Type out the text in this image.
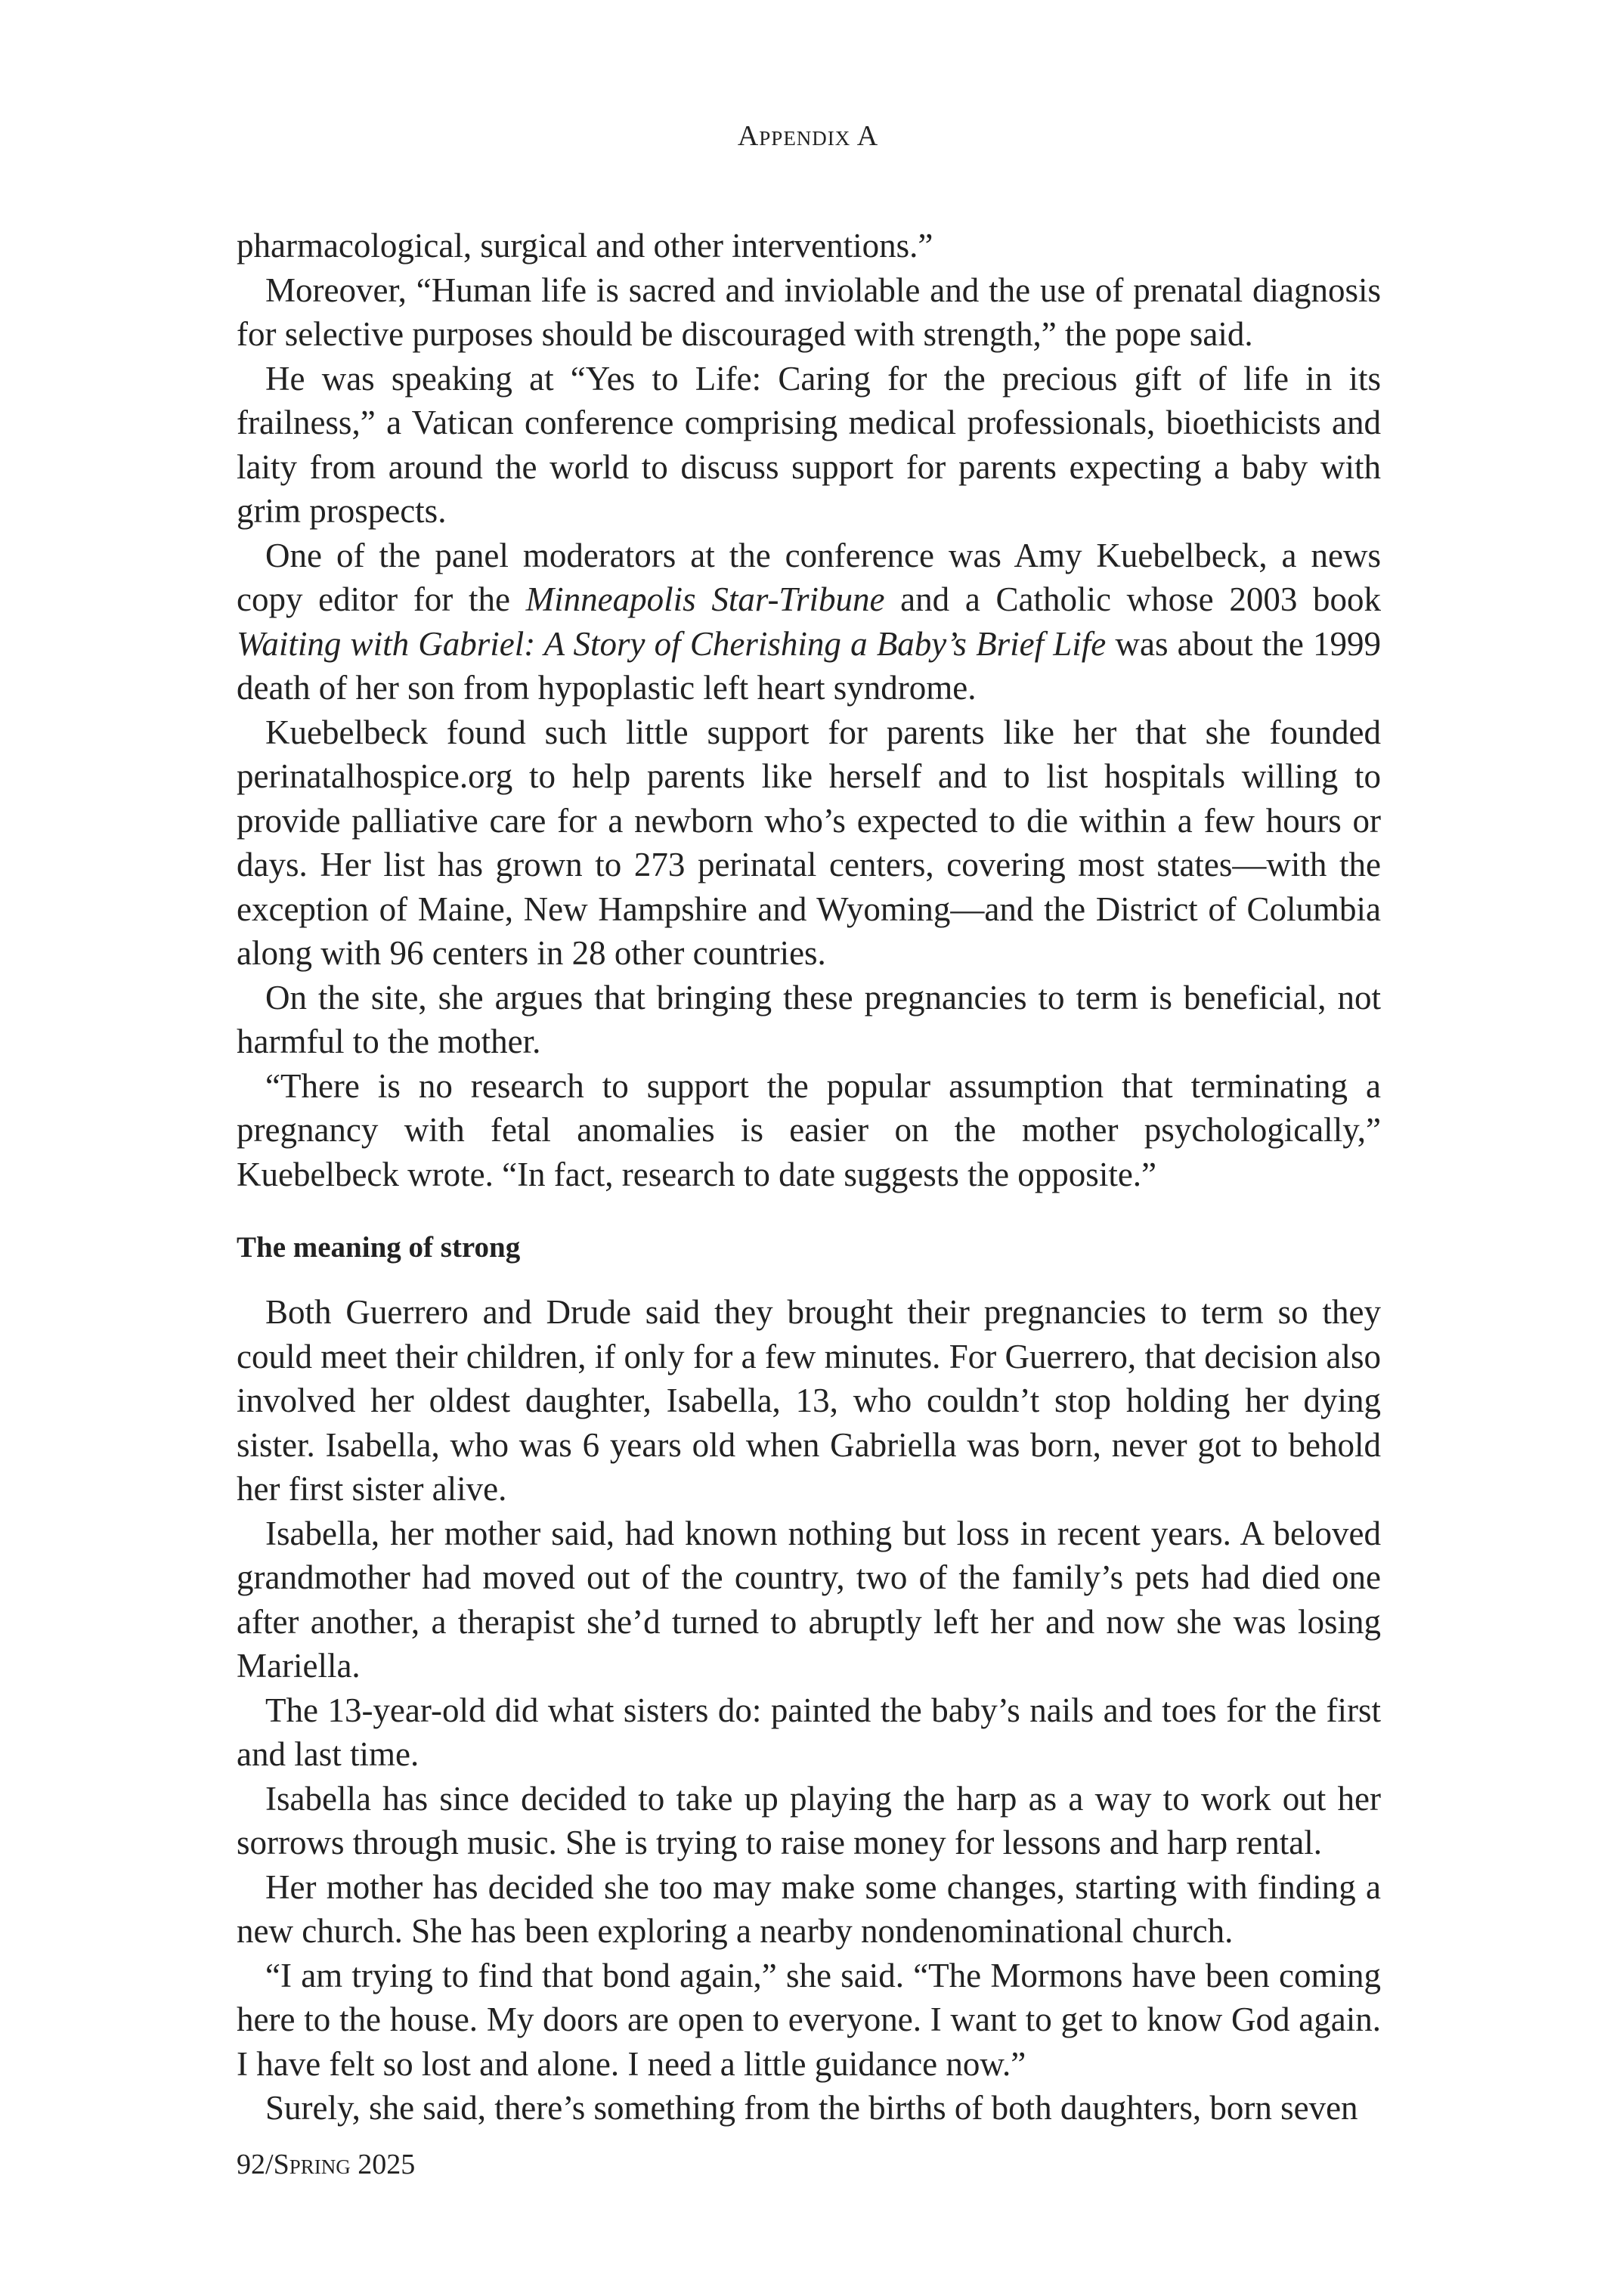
Appendix A

pharmacological, surgical and other interventions.”

Moreover, “Human life is sacred and inviolable and the use of prenatal diagnosis for selective purposes should be discouraged with strength,” the pope said.

He was speaking at “Yes to Life: Caring for the precious gift of life in its frailness,” a Vatican conference comprising medical professionals, bioethicists and laity from around the world to discuss support for parents expecting a baby with grim prospects.

One of the panel moderators at the conference was Amy Kuebelbeck, a news copy editor for the Minneapolis Star-Tribune and a Catholic whose 2003 book Waiting with Gabriel: A Story of Cherishing a Baby’s Brief Life was about the 1999 death of her son from hypoplastic left heart syndrome.

Kuebelbeck found such little support for parents like her that she founded perinatalhospice.org to help parents like herself and to list hospitals willing to provide palliative care for a newborn who’s expected to die within a few hours or days. Her list has grown to 273 perinatal centers, covering most states—with the exception of Maine, New Hampshire and Wyoming—and the District of Columbia along with 96 centers in 28 other countries.

On the site, she argues that bringing these pregnancies to term is beneficial, not harmful to the mother.

“There is no research to support the popular assumption that terminating a pregnancy with fetal anomalies is easier on the mother psychologically,” Kuebelbeck wrote. “In fact, research to date suggests the opposite.”

The meaning of strong

Both Guerrero and Drude said they brought their pregnancies to term so they could meet their children, if only for a few minutes. For Guerrero, that decision also involved her oldest daughter, Isabella, 13, who couldn’t stop holding her dying sister. Isabella, who was 6 years old when Gabriella was born, never got to behold her first sister alive.

Isabella, her mother said, had known nothing but loss in recent years. A beloved grandmother had moved out of the country, two of the family’s pets had died one after another, a therapist she’d turned to abruptly left her and now she was losing Mariella.

The 13-year-old did what sisters do: painted the baby’s nails and toes for the first and last time.

Isabella has since decided to take up playing the harp as a way to work out her sorrows through music. She is trying to raise money for lessons and harp rental.

Her mother has decided she too may make some changes, starting with finding a new church. She has been exploring a nearby nondenominational church.

“I am trying to find that bond again,” she said. “The Mormons have been coming here to the house. My doors are open to everyone. I want to get to know God again. I have felt so lost and alone. I need a little guidance now.”

Surely, she said, there’s something from the births of both daughters, born seven

92/Spring 2025
